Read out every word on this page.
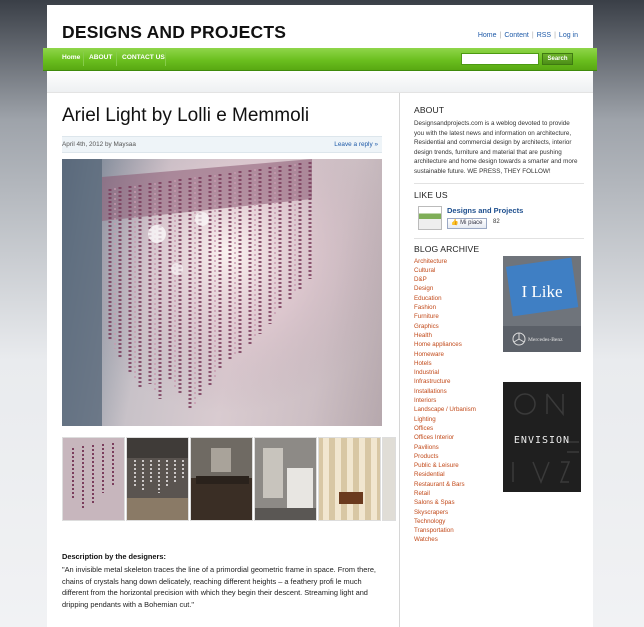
DESIGNS AND PROJECTS	Home | Content | RSS | Log in
Home ABOUT CONTACT US	Search
Ariel Light by Lolli e Memmoli
April 4th, 2012 by Maysaa	Leave a reply »
Description by the designers:
"An invisible metal skeleton traces the line of a primordial geometric frame in space. From there, chains of crystals hang down delicately, reaching different heights – a feathery profi le much different from the horizontal precision with which they begin their descent. Streaming light and dripping pendants with a Bohemian cut."
ABOUT
Designsandprojects.com is a weblog devoted to provide you with the latest news and information on architecture, Residential and commercial design by architects, interior design trends, furniture and material that are pushing architecture and home design towards a smarter and more sustainable future. WE PRESS, THEY FOLLOW!
LIKE US
Designs and Projects
👍 Mi piace	82
BLOG ARCHIVE
Architecture
Cultural
D&P
Design
Education
Fashion
Furniture
Graphics
Health
Home appliances
Homeware
Hotels
Industrial
Infrastructure
Installations
Interiors
Landscape / Urbanism
Lighting
Offices
Offices Interior
Pavilions
Products
Public & Leisure
Residential
Restaurant & Bars
Retail
Salons & Spas
Skyscrapers
Technology
Transportation
Watches
I Like
Mercedes-Benz
ENVISION
